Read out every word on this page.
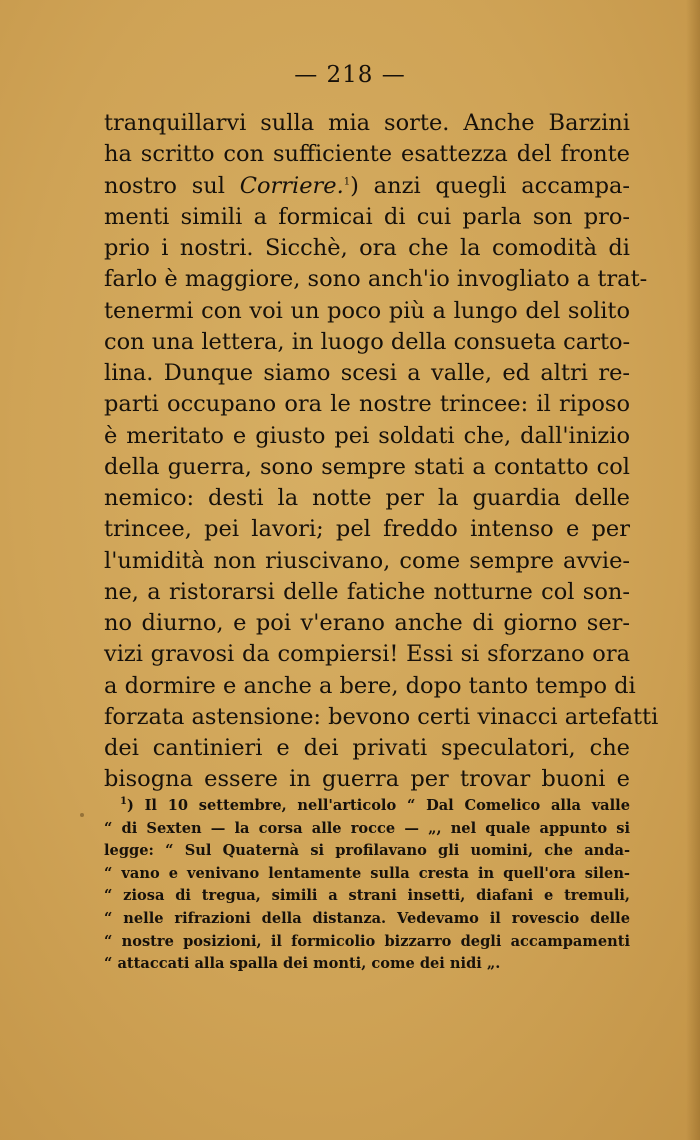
— 218 —
tranquillarvi sulla mia sorte. Anche Barzini
ha scritto con sufficiente esattezza del fronte
nostro sul Corriere.$^1$) anzi quegli accampa-
menti simili a formicai di cui parla son pro-
prio i nostri. Sicchè, ora che la comodità di
farlo è maggiore, sono anch'io invogliato a trat-
tenermi con voi un poco più a lungo del solito
con una lettera, in luogo della consueta carto-
lina. Dunque siamo scesi a valle, ed altri re-
parti occupano ora le nostre trincee: il riposo
è meritato e giusto pei soldati che, dall'inizio
della guerra, sono sempre stati a contatto col
nemico: desti la notte per la guardia delle
trincee, pei lavori; pel freddo intenso e per
l'umidità non riuscivano, come sempre avvie-
ne, a ristorarsi delle fatiche notturne col son-
no diurno, e poi v'erano anche di giorno ser-
vizi gravosi da compiersi! Essi si sforzano ora
a dormire e anche a bere, dopo tanto tempo di
forzata astensione: bevono certi vinacci artefatti
dei cantinieri e dei privati speculatori, che
bisogna essere in guerra per trovar buoni e
$^1$) Il 10 settembre, nell'articolo “ Dal Comelico alla valle
“ di Sexten — la corsa alle rocce — „, nel quale appunto si
legge: “ Sul Quaternà si profilavano gli uomini, che anda-
“ vano e venivano lentamente sulla cresta in quell'ora silen-
“ ziosa di tregua, simili a strani insetti, diafani e tremuli,
“ nelle rifrazioni della distanza. Vedevamo il rovescio delle
“ nostre posizioni, il formicolio bizzarro degli accampamenti
“ attaccati alla spalla dei monti, come dei nidi „.
